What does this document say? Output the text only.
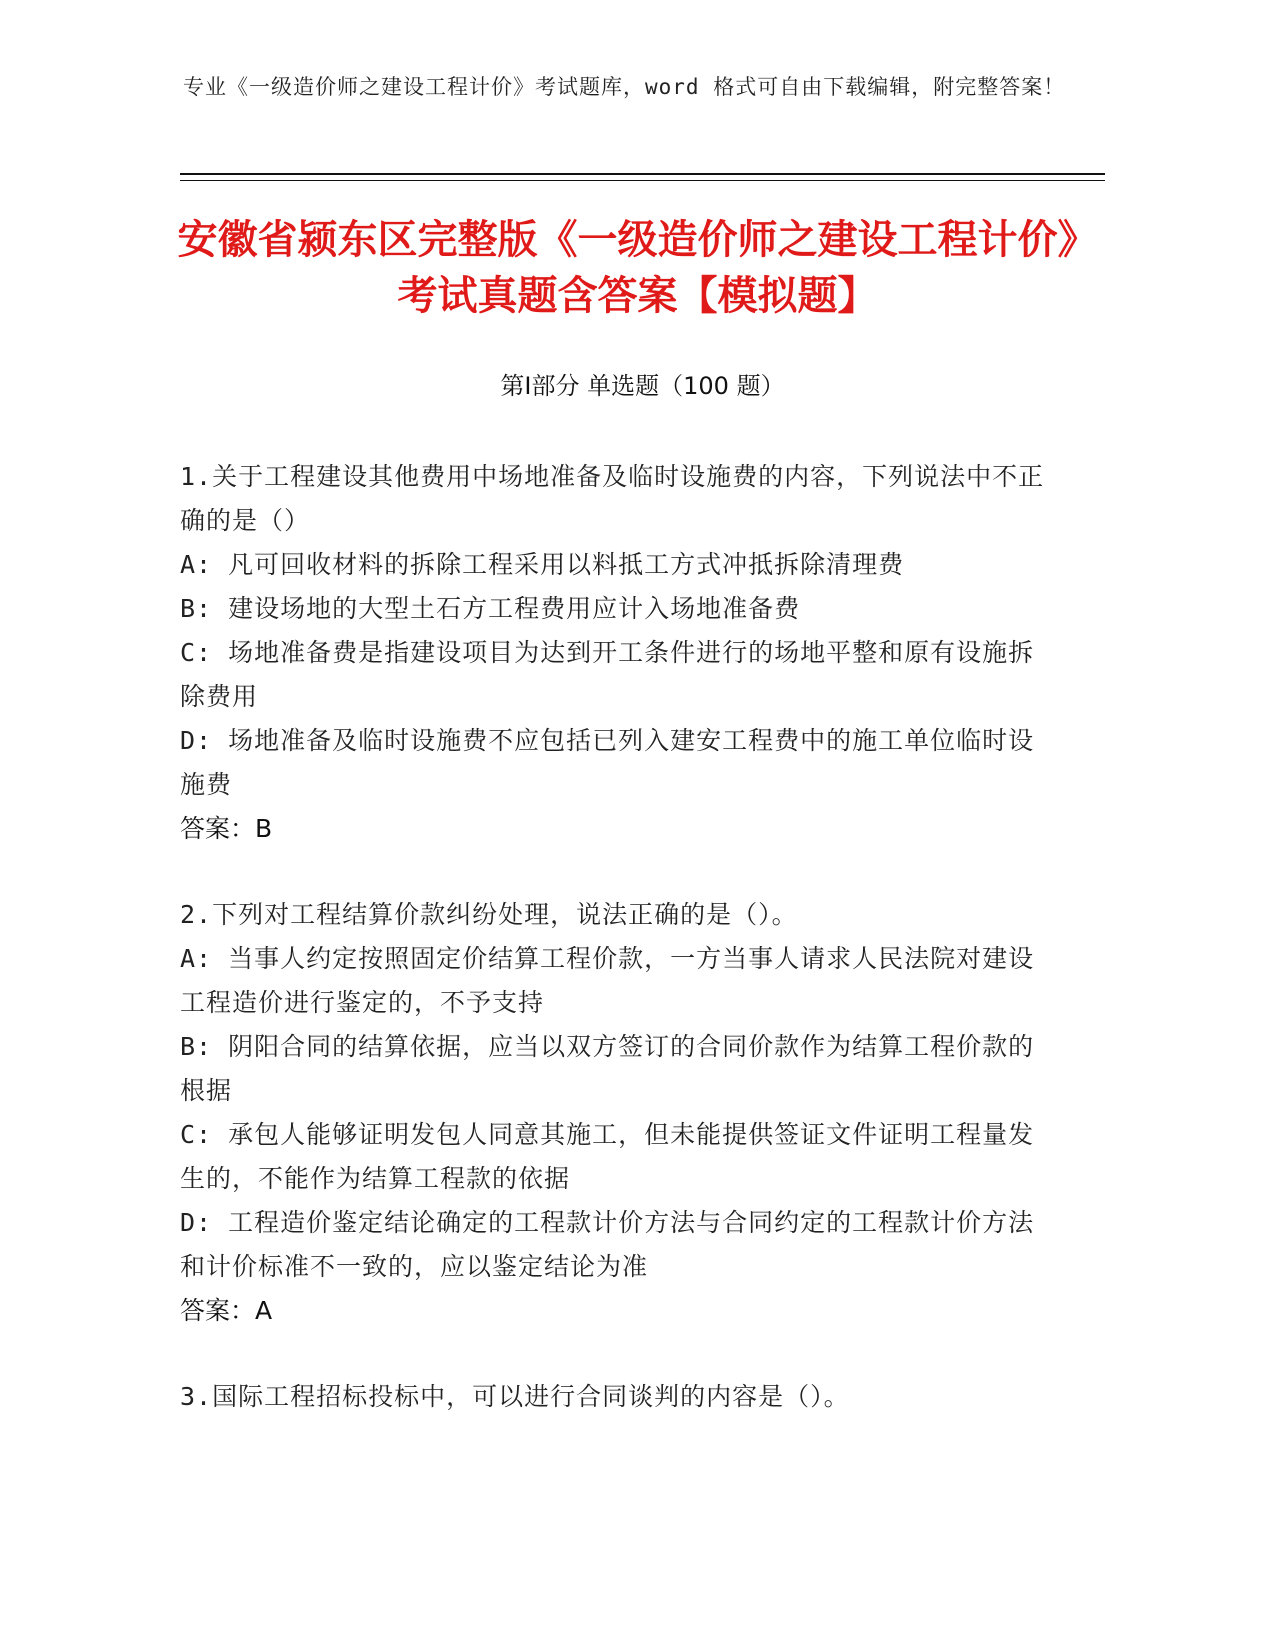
专业《一级造价师之建设工程计价》考试题库，word 格式可自由下载编辑，附完整答案！
安徽省颍东区完整版《一级造价师之建设工程计价》考试真题含答案【模拟题】
第Ⅰ部分 单选题（100 题）

1.关于工程建设其他费用中场地准备及临时设施费的内容，下列说法中不正确的是（）

A: 凡可回收材料的拆除工程采用以料抵工方式冲抵拆除清理费

B: 建设场地的大型土石方工程费用应计入场地准备费

C: 场地准备费是指建设项目为达到开工条件进行的场地平整和原有设施拆除费用

D: 场地准备及临时设施费不应包括已列入建安工程费中的施工单位临时设施费

答案：B

2.下列对工程结算价款纠纷处理，说法正确的是（）。

A: 当事人约定按照固定价结算工程价款，一方当事人请求人民法院对建设工程造价进行鉴定的，不予支持

B: 阴阳合同的结算依据，应当以双方签订的合同价款作为结算工程价款的根据

C: 承包人能够证明发包人同意其施工，但未能提供签证文件证明工程量发生的，不能作为结算工程款的依据

D: 工程造价鉴定结论确定的工程款计价方法与合同约定的工程款计价方法和计价标准不一致的，应以鉴定结论为准

答案：A

3.国际工程招标投标中，可以进行合同谈判的内容是（）。
